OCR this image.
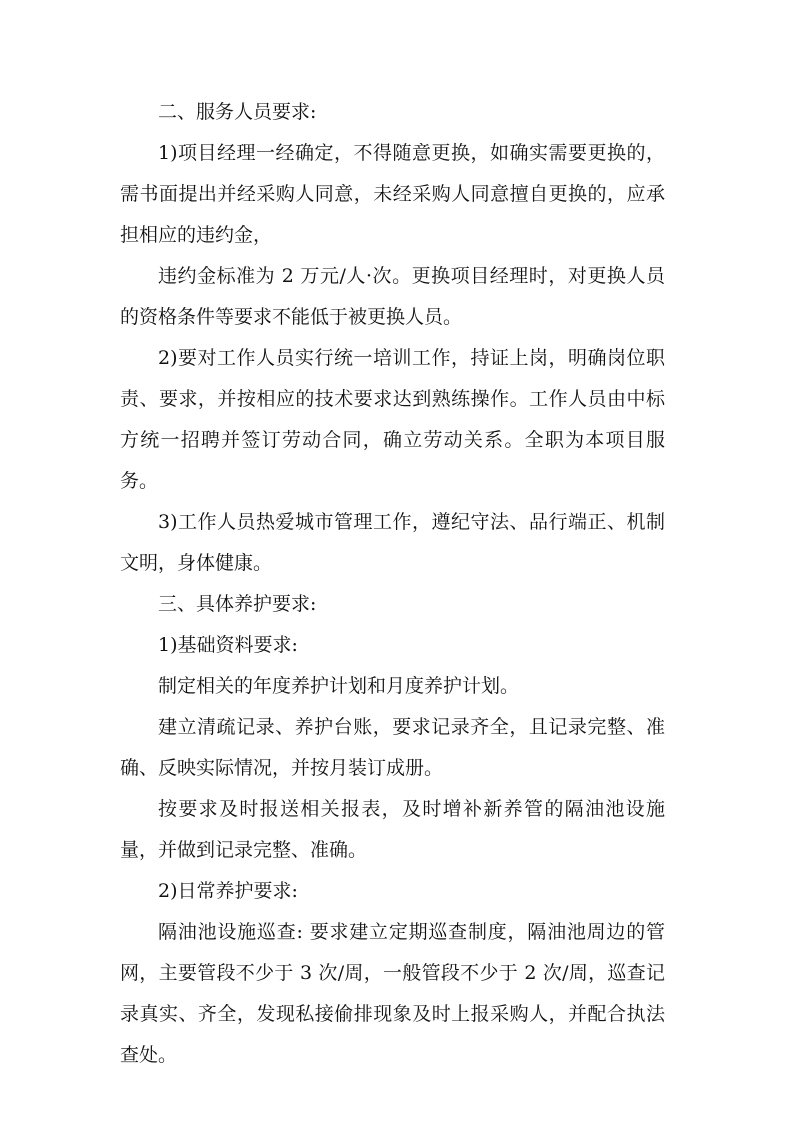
二、服务人员要求:

1)项目经理一经确定，不得随意更换，如确实需要更换的，需书面提出并经采购人同意，未经采购人同意擅自更换的，应承担相应的违约金，

违约金标准为 2 万元/人·次。更换项目经理时，对更换人员的资格条件等要求不能低于被更换人员。

2)要对工作人员实行统一培训工作，持证上岗，明确岗位职责、要求，并按相应的技术要求达到熟练操作。工作人员由中标方统一招聘并签订劳动合同，确立劳动关系。全职为本项目服务。

3)工作人员热爱城市管理工作，遵纪守法、品行端正、机制文明，身体健康。

三、具体养护要求:

1)基础资料要求:

制定相关的年度养护计划和月度养护计划。

建立清疏记录、养护台账，要求记录齐全，且记录完整、准确、反映实际情况，并按月装订成册。

按要求及时报送相关报表，及时增补新养管的隔油池设施量，并做到记录完整、准确。

2)日常养护要求:

隔油池设施巡查: 要求建立定期巡查制度，隔油池周边的管网，主要管段不少于 3 次/周，一般管段不少于 2 次/周，巡查记录真实、齐全，发现私接偷排现象及时上报采购人，并配合执法查处。
